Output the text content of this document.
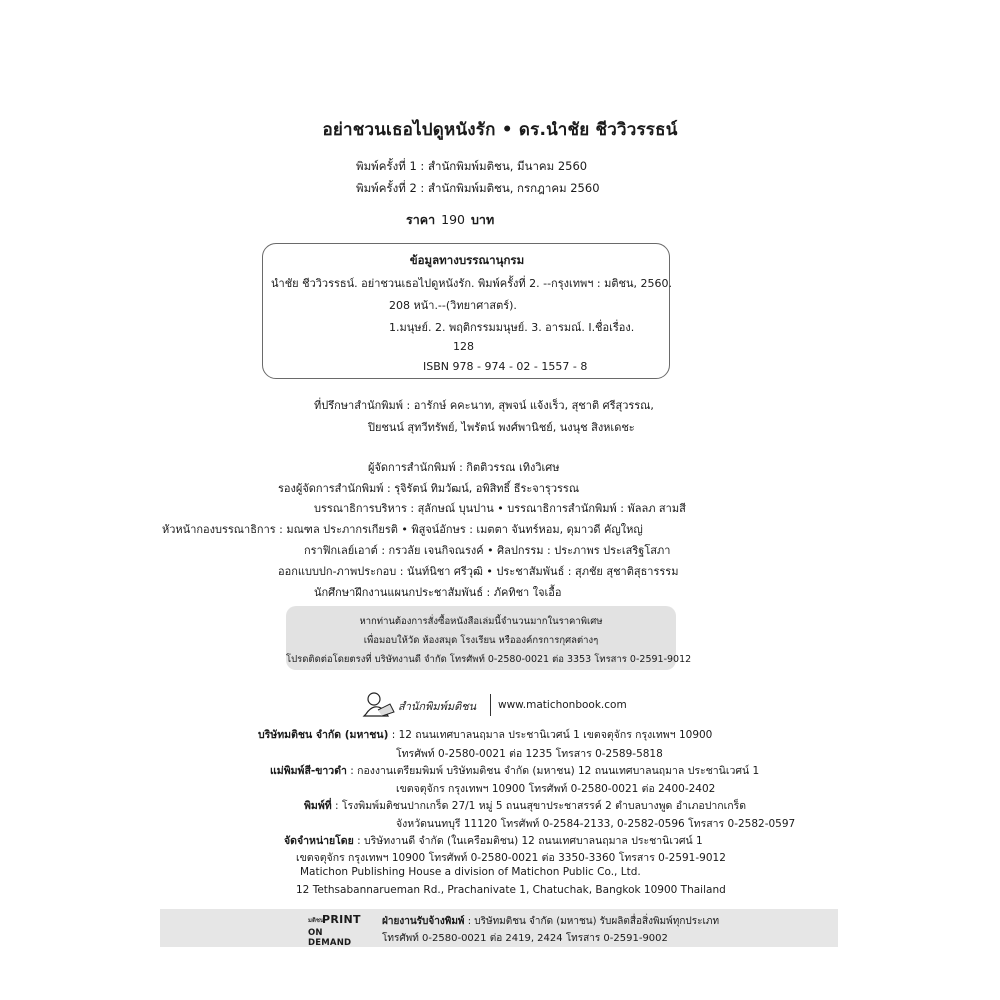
อย่าชวนเธอไปดูหนังรัก • ดร.นำชัย ชีววิวรรธน์
พิมพ์ครั้งที่ 1 : สำนักพิมพ์มติชน, มีนาคม 2560
พิมพ์ครั้งที่ 2 : สำนักพิมพ์มติชน, กรกฎาคม 2560
ราคา 190 บาท
ข้อมูลทางบรรณานุกรม
นำชัย ชีววิวรรธน์. อย่าชวนเธอไปดูหนังรัก. พิมพ์ครั้งที่ 2. --กรุงเทพฯ : มติชน, 2560.
208 หน้า.--(วิทยาศาสตร์).
1.มนุษย์. 2. พฤติกรรมมนุษย์. 3. อารมณ์. I.ชื่อเรื่อง.
128
ISBN 978 - 974 - 02 - 1557 - 8
ที่ปรึกษาสำนักพิมพ์ : อารักษ์ คคะนาท, สุพจน์ แจ้งเร็ว, สุชาติ ศรีสุวรรณ,
ปิยชนน์ สุทวีทรัพย์, ไพรัตน์ พงศ์พานิชย์, นงนุช สิงหเดชะ
ผู้จัดการสำนักพิมพ์ : กิตติวรรณ เทิงวิเศษ
รองผู้จัดการสำนักพิมพ์ : รุจิรัตน์ ทิมวัฒน์, อพิสิทธิ์ ธีระจารุวรรณ
บรรณาธิการบริหาร : สุลักษณ์ บุนปาน • บรรณาธิการสำนักพิมพ์ : พัลลภ สามสี
หัวหน้ากองบรรณาธิการ : มณฑล ประภากรเกียรติ • พิสูจน์อักษร : เมตตา จันทร์หอม, ดุมาวดี คัญใหญ่
กราฟิกเลย์เอาต์ : กรวลัย เจนกิจณรงค์ • ศิลปกรรม : ประภาพร ประเสริฐโสภา
ออกแบบปก-ภาพประกอบ : นันท์นิชา ศรีวุฒิ • ประชาสัมพันธ์ : สุภชัย สุชาติสุธารรรม
นักศึกษาฝึกงานแผนกประชาสัมพันธ์ : ภัคทิชา ใจเอื้อ
หากท่านต้องการสั่งซื้อหนังสือเล่มนี้จำนวนมากในราคาพิเศษ
เพื่อมอบให้วัด ห้องสมุด โรงเรียน หรือองค์กรการกุศลต่างๆ
โปรดติดต่อโดยตรงที่ บริษัทงานดี จำกัด โทรศัพท์ 0-2580-0021 ต่อ 3353 โทรสาร 0-2591-9012
สำนักพิมพ์มติชน www.matichonbook.com
บริษัทมติชน จำกัด (มหาชน) : 12 ถนนเทศบาลนฤมาล ประชานิเวศน์ 1 เขตจตุจักร กรุงเทพฯ 10900
โทรศัพท์ 0-2580-0021 ต่อ 1235 โทรสาร 0-2589-5818
แม่พิมพ์สี-ขาวดำ : กองงานเตรียมพิมพ์ บริษัทมติชน จำกัด (มหาชน) 12 ถนนเทศบาลนฤมาล ประชานิเวศน์ 1
เขตจตุจักร กรุงเทพฯ 10900 โทรศัพท์ 0-2580-0021 ต่อ 2400-2402
พิมพ์ที่ : โรงพิมพ์มติชนปากเกร็ด 27/1 หมู่ 5 ถนนสุขาประชาสรรค์ 2 ตำบลบางพูด อำเภอปากเกร็ด
จังหวัดนนทบุรี 11120 โทรศัพท์ 0-2584-2133, 0-2582-0596 โทรสาร 0-2582-0597
จัดจำหน่ายโดย : บริษัทงานดี จำกัด (ในเครือมติชน) 12 ถนนเทศบาลนฤมาล ประชานิเวศน์ 1
เขตจตุจักร กรุงเทพฯ 10900 โทรศัพท์ 0-2580-0021 ต่อ 3350-3360 โทรสาร 0-2591-9012
Matichon Publishing House a division of Matichon Public Co., Ltd.
12 Tethsabannarueman Rd., Prachanivate 1, Chatuchak, Bangkok 10900 Thailand
มติชน
PRINT
ON DEMAND
ฝ่ายงานรับจ้างพิมพ์ : บริษัทมติชน จำกัด (มหาชน) รับผลิตสื่อสิ่งพิมพ์ทุกประเภท
โทรศัพท์ 0-2580-0021 ต่อ 2419, 2424 โทรสาร 0-2591-9002
